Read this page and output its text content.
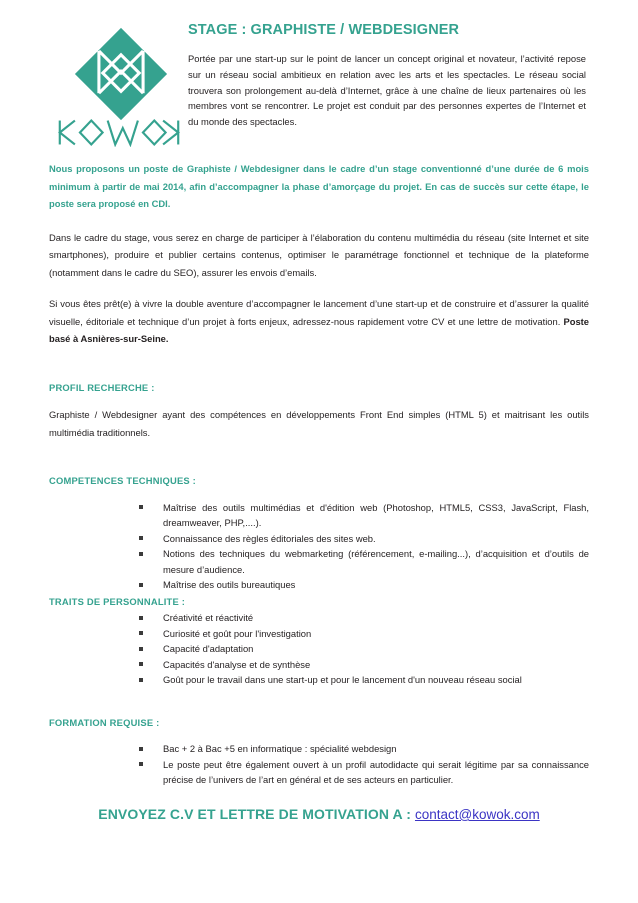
STAGE : GRAPHISTE / WEBDESIGNER

Portée par une start-up sur le point de lancer un concept original et novateur, l’activité repose sur un réseau social ambitieux en relation avec les arts et les spectacles. Le réseau social trouvera son prolongement au-delà d’Internet, grâce à une chaîne de lieux partenaires où les membres vont se rencontrer. Le projet est conduit par des personnes expertes de l’Internet et du monde des spectacles.

Nous proposons un poste de Graphiste / Webdesigner dans le cadre d’un stage conventionné d’une durée de 6 mois minimum à partir de mai 2014, afin d’accompagner la phase d’amorçage du projet. En cas de succès sur cette étape, le poste sera proposé en CDI.

Dans le cadre du stage, vous serez en charge de participer à l’élaboration du contenu multimédia du réseau (site Internet et site smartphones), produire et publier certains contenus, optimiser le paramétrage fonctionnel et technique de la plateforme (notamment dans le cadre du SEO), assurer les envois d’emails.

Si vous êtes prêt(e) à vivre la double aventure d’accompagner le lancement d’une start-up et de construire et d’assurer la qualité visuelle, éditoriale et technique d’un projet à forts enjeux, adressez-nous rapidement votre CV et une lettre de motivation. Poste basé à Asnières-sur-Seine.

PROFIL RECHERCHE :

Graphiste / Webdesigner ayant des compétences en développements Front End simples (HTML 5) et maitrisant les outils multimédia traditionnels.

COMPETENCES TECHNIQUES :
Maîtrise des outils multimédias et d'édition web (Photoshop, HTML5, CSS3, JavaScript, Flash, dreamweaver, PHP,....).
Connaissance des règles éditoriales des sites web.
Notions des techniques du webmarketing (référencement, e-mailing...), d’acquisition et d’outils de mesure d’audience.
Maîtrise des outils bureautiques
TRAITS DE PERSONNALITE :
Créativité et réactivité
Curiosité et goût pour l'investigation
Capacité d'adaptation
Capacités d'analyse et de synthèse
Goût pour le travail dans une start-up et pour le lancement d'un nouveau réseau social
FORMATION REQUISE :
Bac + 2 à Bac +5 en informatique : spécialité webdesign
Le poste peut être également ouvert à un profil autodidacte qui serait légitime par sa connaissance précise de l’univers de l’art en général et de ses acteurs en particulier.
ENVOYEZ C.V ET LETTRE DE MOTIVATION A : contact@kowok.com
